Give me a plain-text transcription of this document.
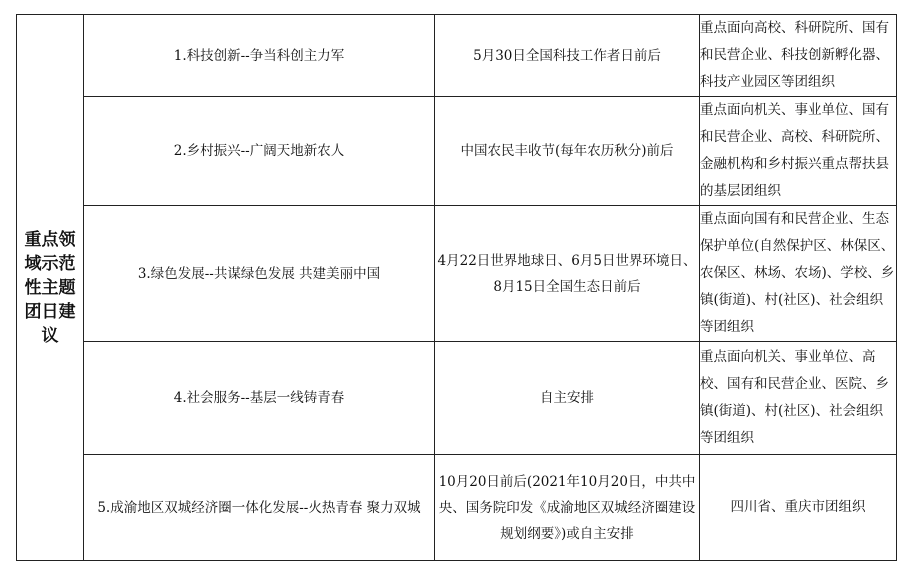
重点领域示范性主题团日建议	1.科技创新--争当科创主力军	5月30日全国科技工作者日前后	重点面向高校、科研院所、国有和民营企业、科技创新孵化器、科技产业园区等团组织
	2.乡村振兴--广阔天地新农人	中国农民丰收节(每年农历秋分)前后	重点面向机关、事业单位、国有和民营企业、高校、科研院所、金融机构和乡村振兴重点帮扶县的基层团组织
	3.绿色发展--共谋绿色发展 共建美丽中国	4月22日世界地球日、6月5日世界环境日、8月15日全国生态日前后	重点面向国有和民营企业、生态保护单位(自然保护区、林保区、农保区、林场、农场)、学校、乡镇(街道)、村(社区)、社会组织等团组织
	4.社会服务--基层一线铸青春	自主安排	重点面向机关、事业单位、高校、国有和民营企业、医院、乡镇(街道)、村(社区)、社会组织等团组织
	5.成渝地区双城经济圈一体化发展--火热青春 聚力双城	10月20日前后(2021年10月20日，中共中央、国务院印发《成渝地区双城经济圈建设规划纲要》)或自主安排	四川省、重庆市团组织
